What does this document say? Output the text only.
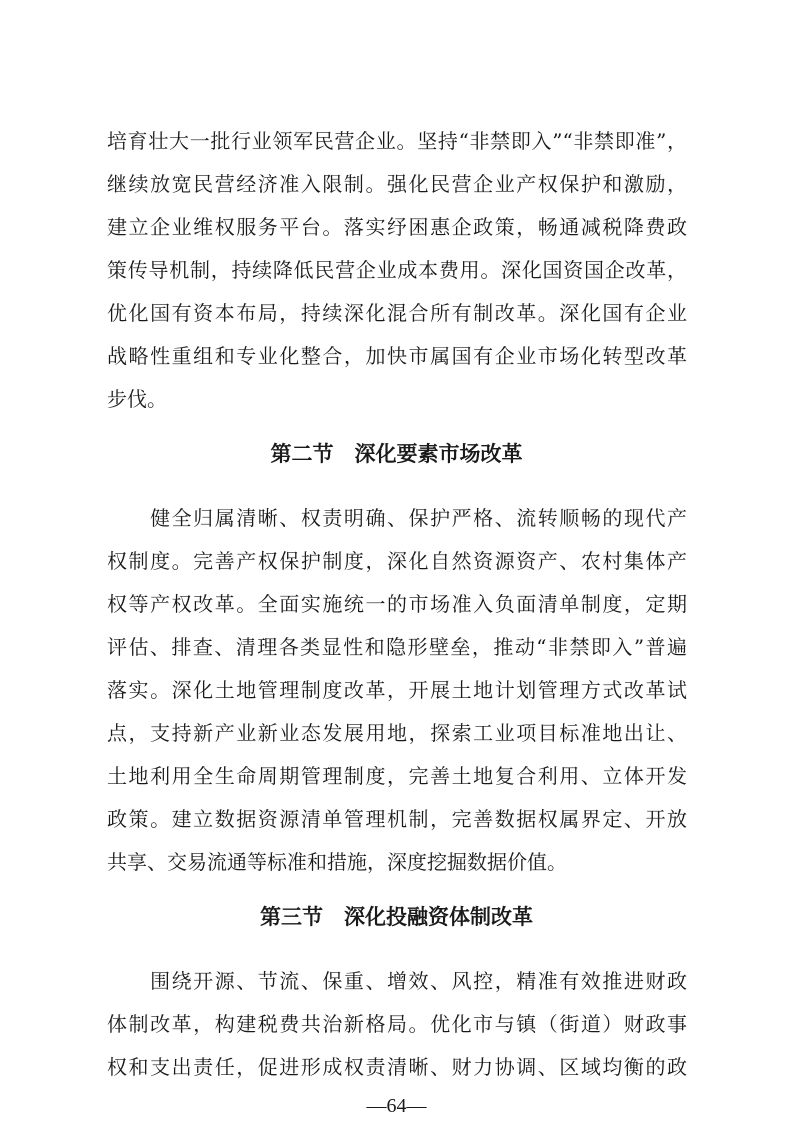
培育壮大一批行业领军民营企业。坚持“非禁即入”“非禁即准”，
继续放宽民营经济准入限制。强化民营企业产权保护和激励，
建立企业维权服务平台。落实纾困惠企政策，畅通减税降费政
策传导机制，持续降低民营企业成本费用。深化国资国企改革，
优化国有资本布局，持续深化混合所有制改革。深化国有企业
战略性重组和专业化整合，加快市属国有企业市场化转型改革
步伐。
第二节　深化要素市场改革
　　健全归属清晰、权责明确、保护严格、流转顺畅的现代产
权制度。完善产权保护制度，深化自然资源资产、农村集体产
权等产权改革。全面实施统一的市场准入负面清单制度，定期
评估、排查、清理各类显性和隐形壁垒，推动“非禁即入”普遍
落实。深化土地管理制度改革，开展土地计划管理方式改革试
点，支持新产业新业态发展用地，探索工业项目标准地出让、
土地利用全生命周期管理制度，完善土地复合利用、立体开发
政策。建立数据资源清单管理机制，完善数据权属界定、开放
共享、交易流通等标准和措施，深度挖掘数据价值。
第三节　深化投融资体制改革
　　围绕开源、节流、保重、增效、风控，精准有效推进财政
体制改革，构建税费共治新格局。优化市与镇（街道）财政事
权和支出责任，促进形成权责清晰、财力协调、区域均衡的政
—64—
